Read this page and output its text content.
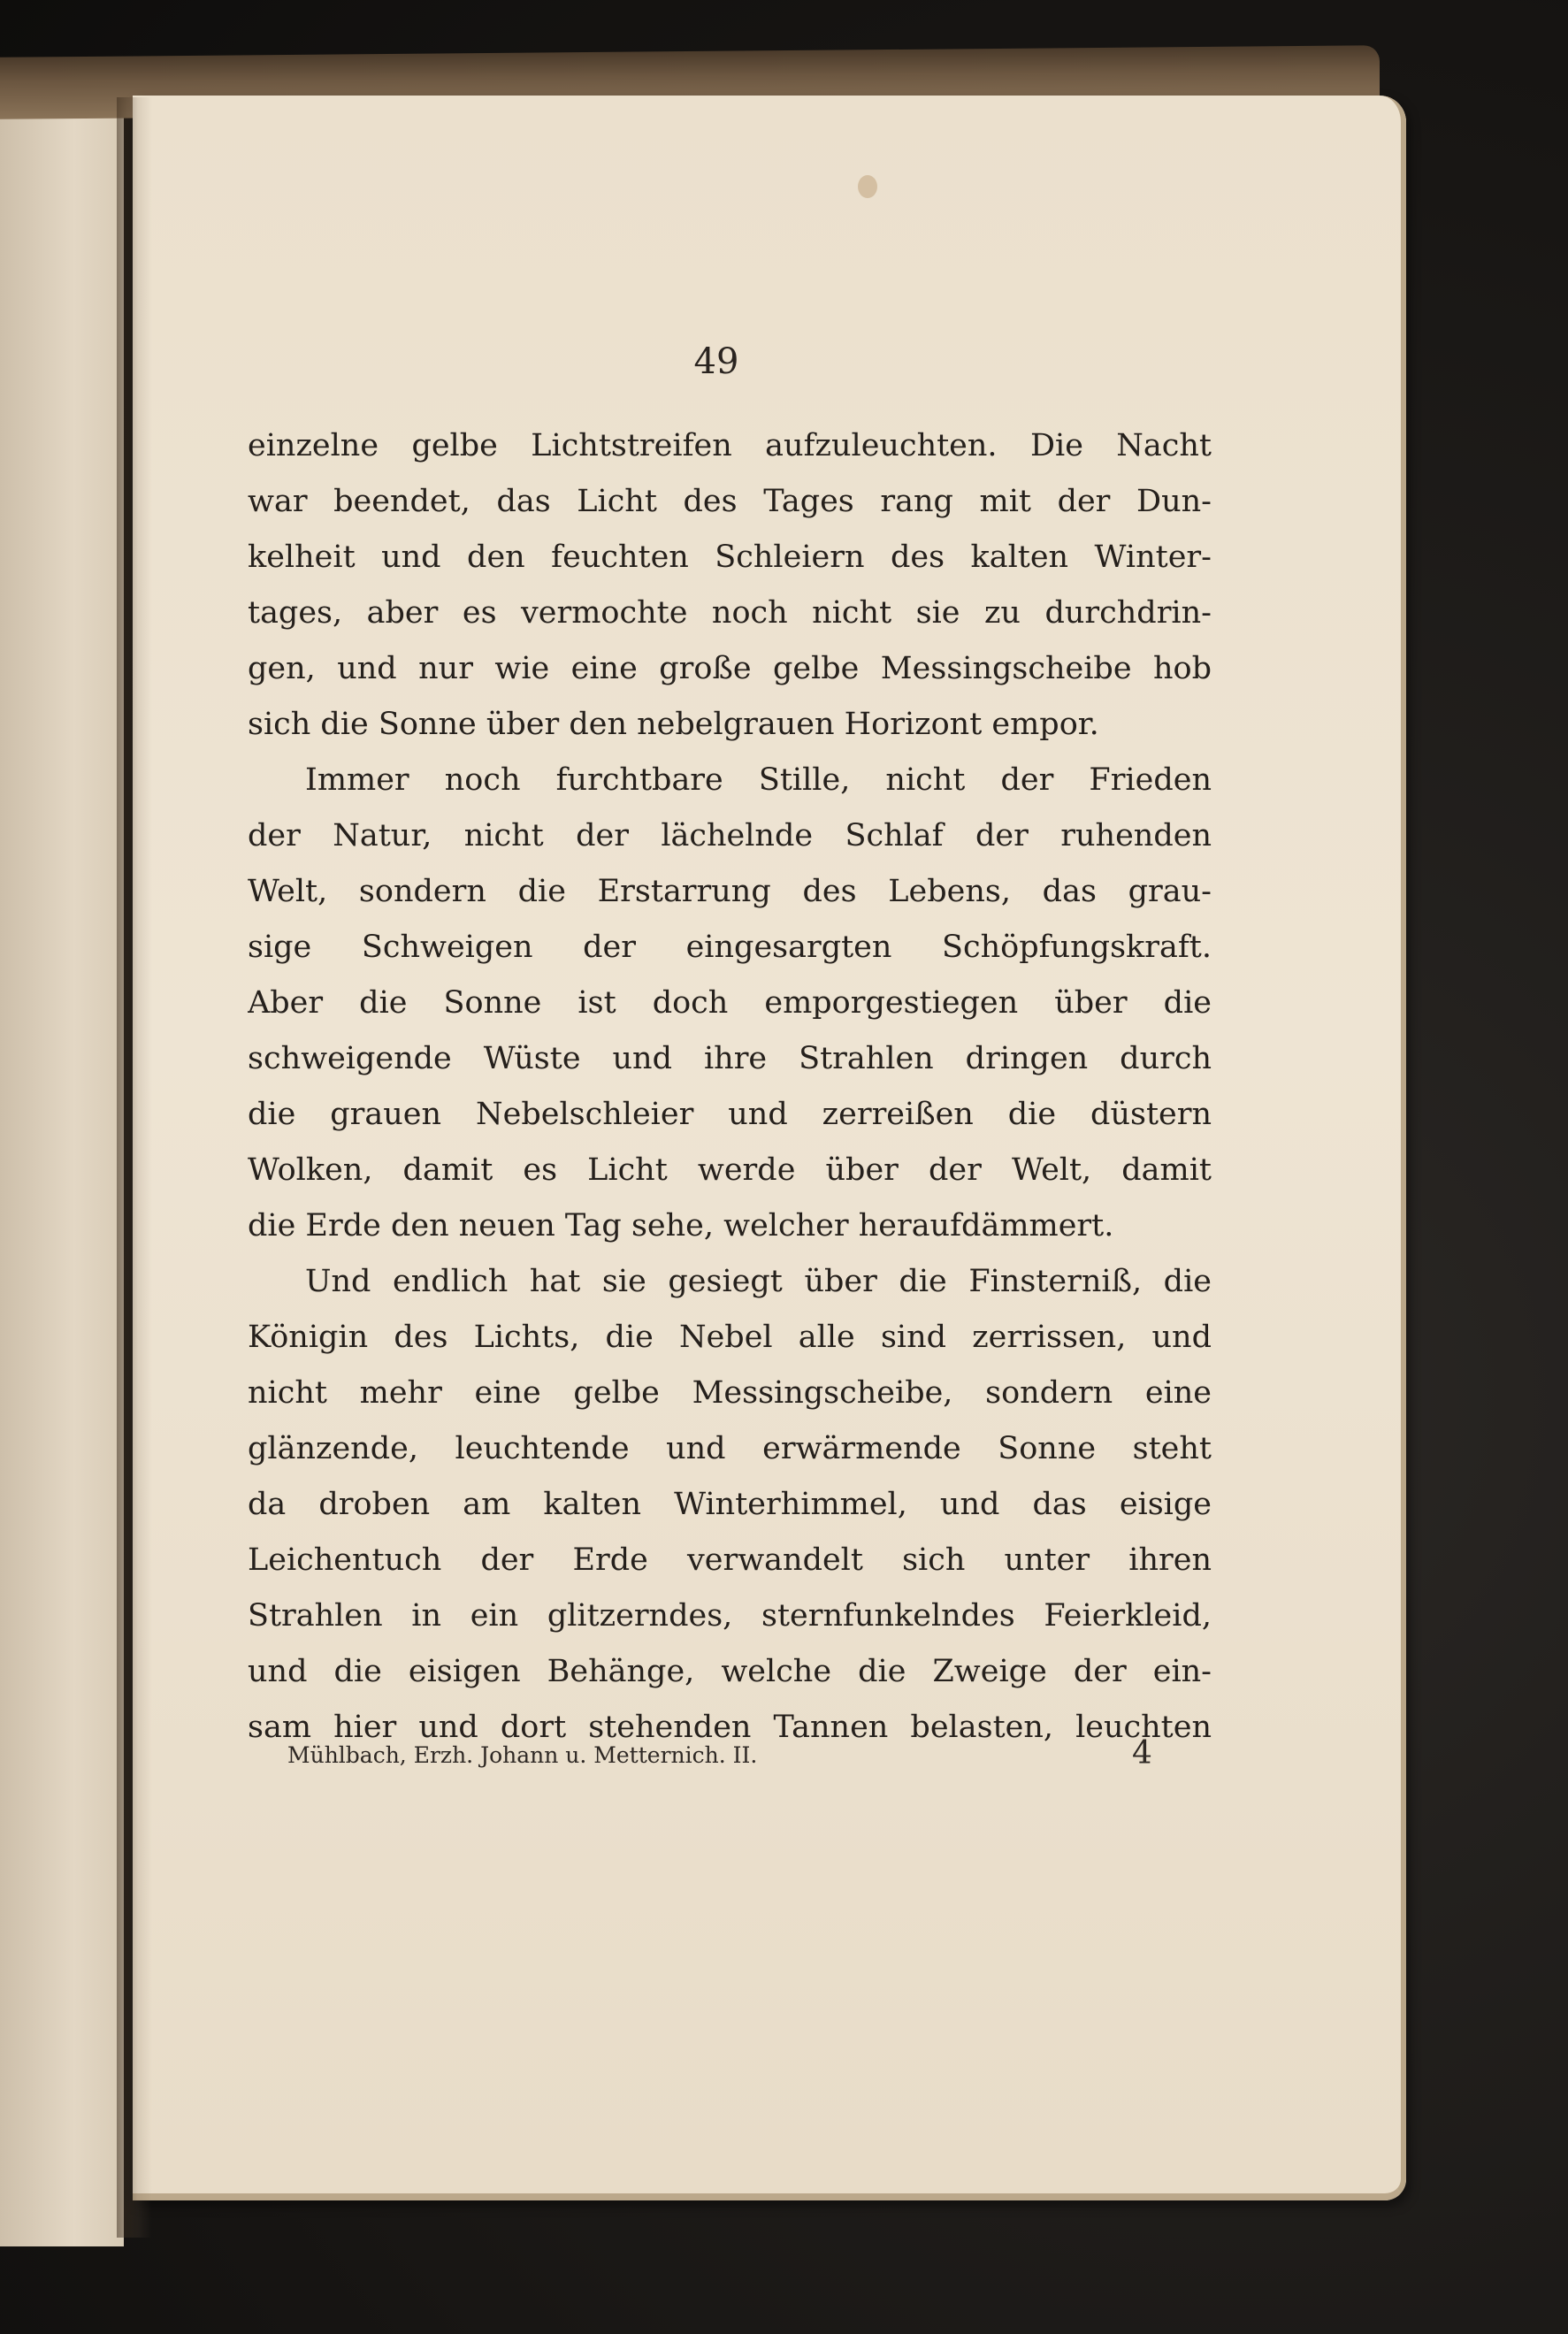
49
einzelne gelbe Lichtstreifen aufzuleuchten. Die Nacht
war beendet, das Licht des Tages rang mit der Dun-
kelheit und den feuchten Schleiern des kalten Winter-
tages, aber es vermochte noch nicht sie zu durchdrin-
gen, und nur wie eine große gelbe Messingscheibe hob
sich die Sonne über den nebelgrauen Horizont empor.
Immer noch furchtbare Stille, nicht der Frieden
der Natur, nicht der lächelnde Schlaf der ruhenden
Welt, sondern die Erstarrung des Lebens, das grau-
sige Schweigen der eingesargten Schöpfungskraft.
Aber die Sonne ist doch emporgestiegen über die
schweigende Wüste und ihre Strahlen dringen durch
die grauen Nebelschleier und zerreißen die düstern
Wolken, damit es Licht werde über der Welt, damit
die Erde den neuen Tag sehe, welcher heraufdämmert.
Und endlich hat sie gesiegt über die Finsterniß, die
Königin des Lichts, die Nebel alle sind zerrissen, und
nicht mehr eine gelbe Messingscheibe, sondern eine
glänzende, leuchtende und erwärmende Sonne steht
da droben am kalten Winterhimmel, und das eisige
Leichentuch der Erde verwandelt sich unter ihren
Strahlen in ein glitzerndes, sternfunkelndes Feierkleid,
und die eisigen Behänge, welche die Zweige der ein-
sam hier und dort stehenden Tannen belasten, leuchten
Mühlbach, Erzh. Johann u. Metternich. II.	4
